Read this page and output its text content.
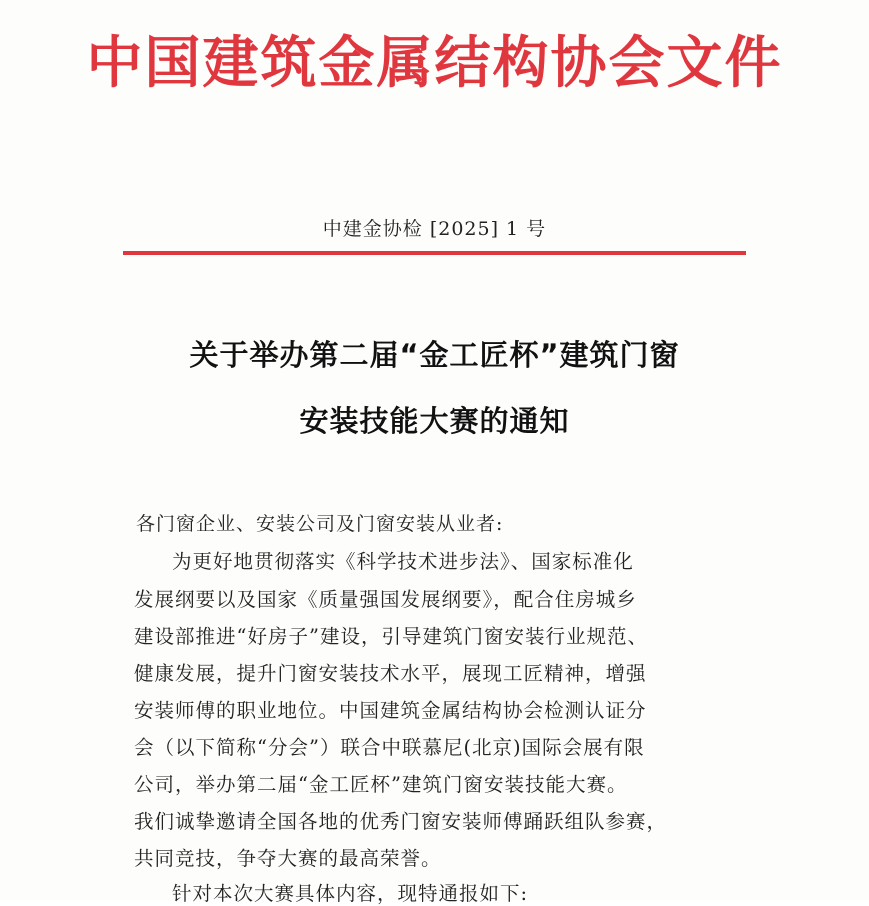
中国建筑金属结构协会文件
中建金协检 [2025] 1 号
关于举办第二届“金工匠杯”建筑门窗
安装技能大赛的通知
各门窗企业、安装公司及门窗安装从业者:
为更好地贯彻落实《科学技术进步法》、国家标准化
发展纲要以及国家《质量强国发展纲要》，配合住房城乡
建设部推进“好房子”建设，引导建筑门窗安装行业规范、
健康发展，提升门窗安装技术水平，展现工匠精神，增强
安装师傅的职业地位。中国建筑金属结构协会检测认证分
会（以下简称“分会”）联合中联慕尼(北京)国际会展有限
公司，举办第二届“金工匠杯”建筑门窗安装技能大赛。
我们诚挚邀请全国各地的优秀门窗安装师傅踊跃组队参赛，
共同竞技，争夺大赛的最高荣誉。
针对本次大赛具体内容，现特通报如下:
